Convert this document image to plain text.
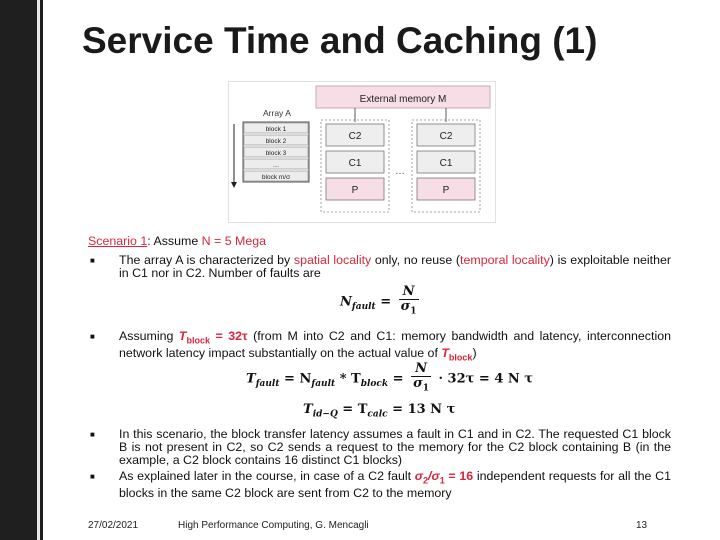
Service Time and Caching (1)
Array A
block 1
block 2
block 3
…
block m/σ
External memory M
C2
C1
P
…
C2
C1
P
Scenario 1: Assume N = 5 Mega
■ The array A is characterized by spatial locality only, no reuse (temporal locality) is exploitable neither in C1 nor in C2. Number of faults are
$N_{fault} = \frac{N}{\sigma_1}$
■ Assuming $T_{block} = 32\tau$ (from M into C2 and C1: memory bandwidth and latency, interconnection network latency impact substantially on the actual value of $T_{block}$)
$T_{fault} = N_{fault} * T_{block} = \frac{N}{\sigma_1} \cdot 32\tau = 4$ N τ
$T_{id-Q} = T_{calc} = 13$ N τ
■ In this scenario, the block transfer latency assumes a fault in C1 and in C2. The requested C1 block B is not present in C2, so C2 sends a request to the memory for the C2 block containing B (in the example, a C2 block contains 16 distinct C1 blocks)
■ As explained later in the course, in case of a C2 fault $\sigma_2/\sigma_1 = 16$ independent requests for all the C1 blocks in the same C2 block are sent from C2 to the memory
27/02/2021	High Performance Computing, G. Mencagli	13
